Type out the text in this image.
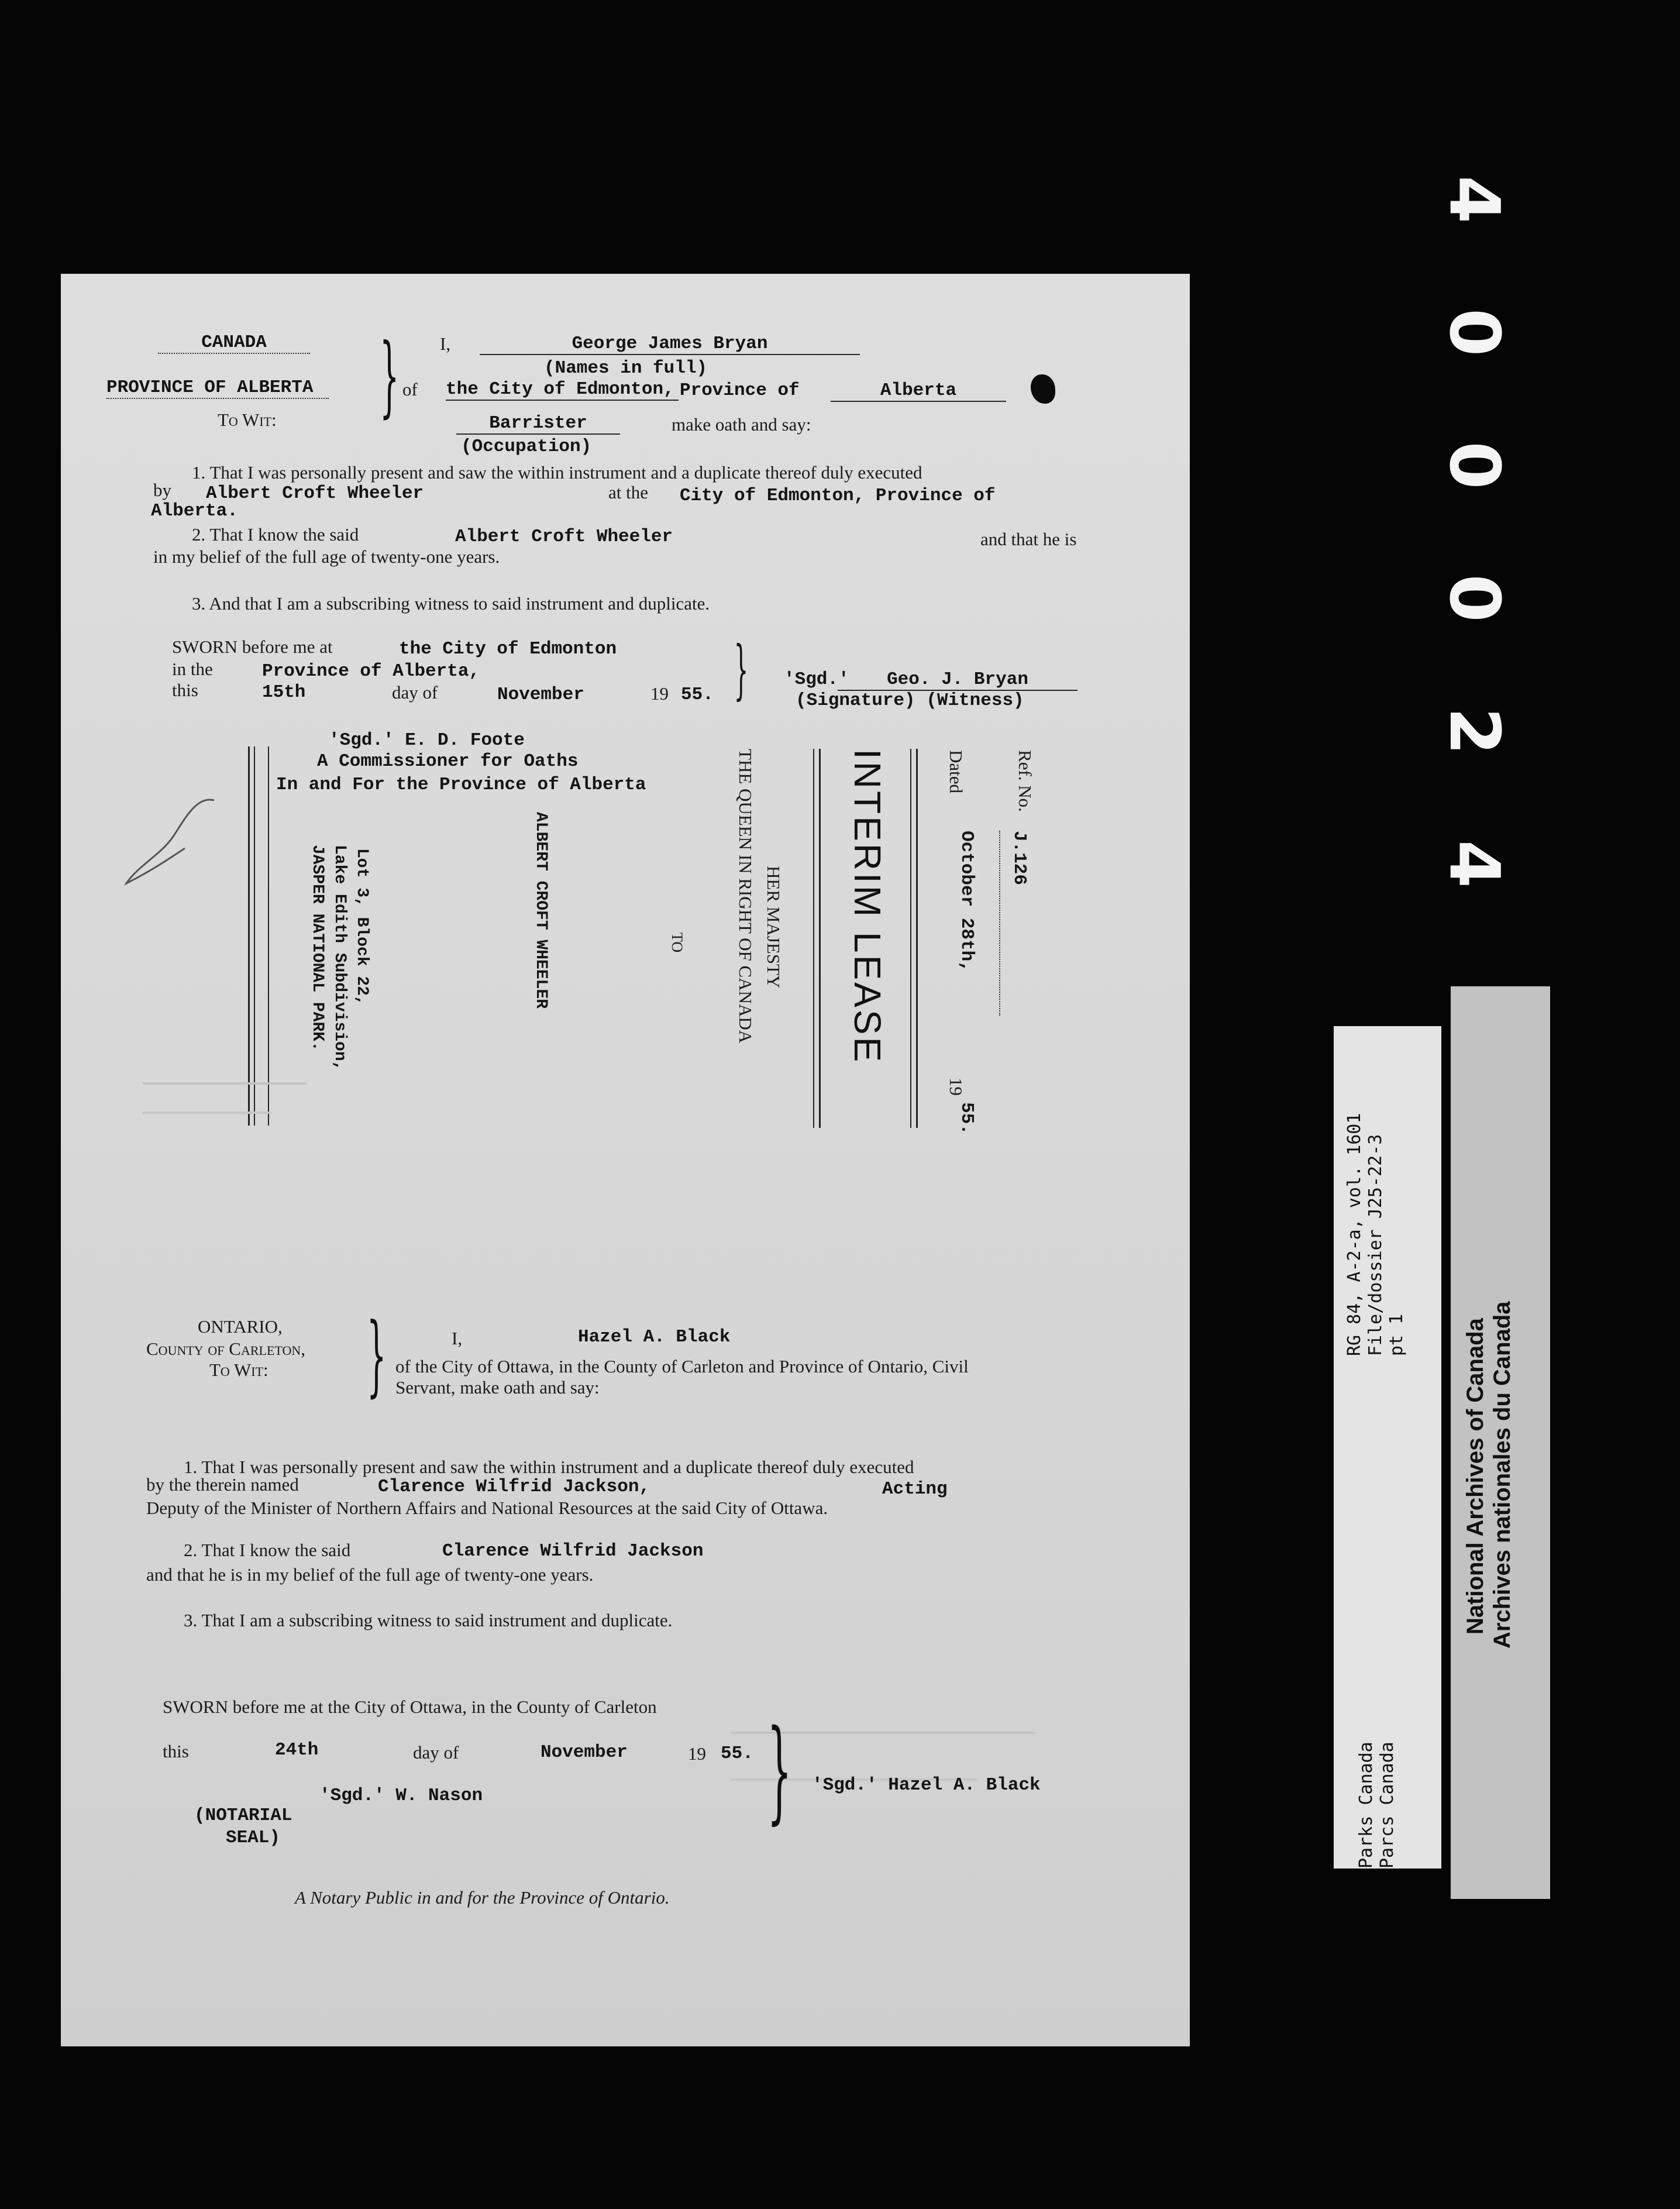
4 0 0 0 2 4
CANADA
PROVINCE OF ALBERTA
To Wit: } I,	George James Bryan
(Names in full)
of the City of Edmonton, Province of	Alberta
Barrister	make oath and say:
(Occupation)
1. That I was personally present and saw the within instrument and a duplicate thereof duly executed
by Albert Croft Wheeler	at the City of Edmonton, Province of
Alberta.
2. That I know the said	Albert Croft Wheeler	and that he is
in my belief of the full age of twenty-one years.
3. And that I am a subscribing witness to said instrument and duplicate.
SWORN before me at	the City of Edmonton
in the	Province of Alberta,
this	15th	day of	November	19 55. } 'Sgd.'	Geo. J. Bryan
(Signature) (Witness)
'Sgd.' E. D. Foote
A Commissioner for Oaths
In and For the Province of Alberta	Ref. No.
J.126
Dated
October 28th,
19
55.
INTERIM LEASE
HER MAJESTY
THE QUEEN IN RIGHT OF CANADA
TO
ALBERT CROFT WHEELER
Lot 3, Block 22,
Lake Edith Subdivision,
JASPER NATIONAL PARK.
ONTARIO,
County of Carleton,
To Wit: }	I,	Hazel A. Black
of the City of Ottawa, in the County of Carleton and Province of Ontario, Civil
Servant, make oath and say:
1. That I was personally present and saw the within instrument and a duplicate thereof duly executed
by the therein named	Clarence Wilfrid Jackson,	Acting
Deputy of the Minister of Northern Affairs and National Resources at the said City of Ottawa.
2. That I know the said	Clarence Wilfrid Jackson
and that he is in my belief of the full age of twenty-one years.
3. That I am a subscribing witness to said instrument and duplicate.
SWORN before me at the City of Ottawa, in the County of Carleton
this	24th	day of	November	19 55. }
'Sgd.' W. Nason
(NOTARIAL
SEAL)
'Sgd.' Hazel A. Black
A Notary Public in and for the Province of Ontario.
RG 84, A-2-a, vol. 1601 File/dossier J25-22-3 pt 1
Parks Canada Parcs Canada
National Archives of Canada Archives nationales du Canada
